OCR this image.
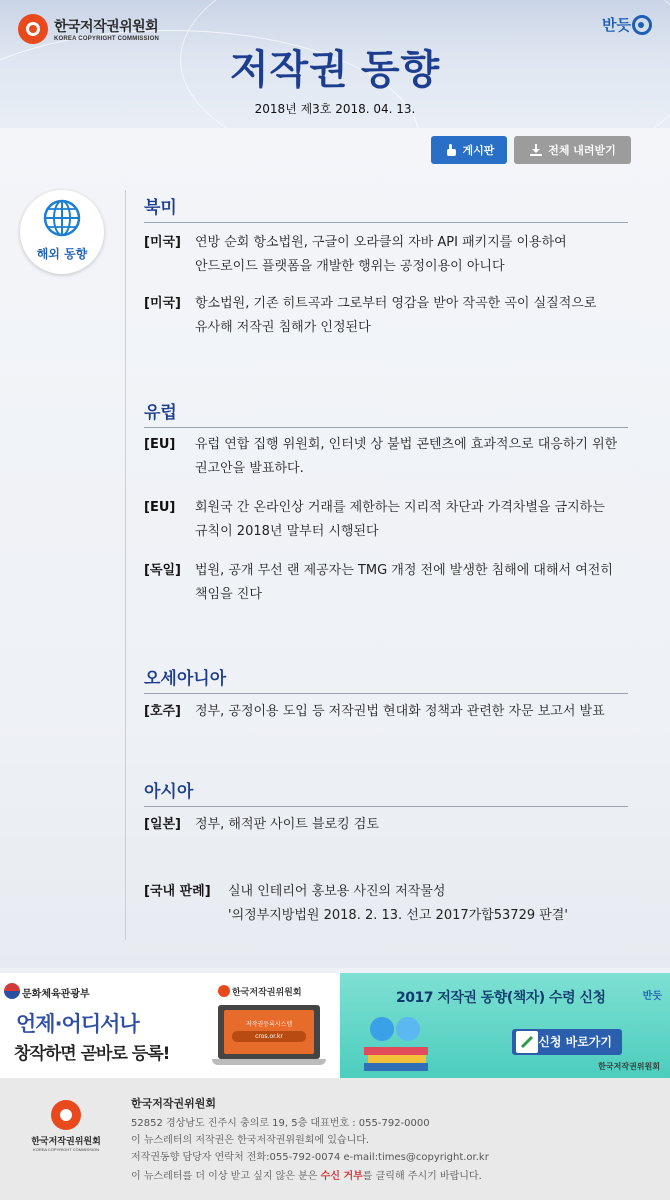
한국저작권위원회
KOREA COPYRIGHT COMMISSION
반듯
저작권 동향
2018년 제3호 2018. 04. 13.
게시판	전체 내려받기
해외 동향
북미
[미국] 연방 순회 항소법원, 구글이 오라클의 자바 API 패키지를 이용하여
안드로이드 플랫폼을 개발한 행위는 공정이용이 아니다
[미국] 항소법원, 기존 히트곡과 그로부터 영감을 받아 작곡한 곡이 실질적으로
유사해 저작권 침해가 인정된다
유럽
[EU] 유럽 연합 집행 위원회, 인터넷 상 불법 콘텐츠에 효과적으로 대응하기 위한
권고안을 발표하다.
[EU] 회원국 간 온라인상 거래를 제한하는 지리적 차단과 가격차별을 금지하는
규칙이 2018년 말부터 시행된다
[독일] 법원, 공개 무선 랜 제공자는 TMG 개정 전에 발생한 침해에 대해서 여전히
책임을 진다
오세아니아
[호주] 정부, 공정이용 도입 등 저작권법 현대화 정책과 관련한 자문 보고서 발표
아시아
[일본] 정부, 해적판 사이트 블로킹 검토
[국내 판례] 실내 인테리어 홍보용 사진의 저작물성
'의정부지방법원 2018. 2. 13. 선고 2017가합53729 판결'
문화체육관광부
언제·어디서나
창작하면 곧바로 등록!
한국저작권위원회
저작권등록시스템
cros.or.kr
2017 저작권 동향(책자) 수령 신청	반듯
신청 바로가기
한국저작권위원회
한국저작권위원회
KOREA COPYRIGHT COMMISSION
한국저작권위원회
52852 경상남도 진주시 충의로 19, 5층 대표번호 : 055-792-0000
이 뉴스레터의 저작권은 한국저작권위원회에 있습니다.
저작권동향 담당자 연락처 전화:055-792-0074 e-mail:times@copyright.or.kr
이 뉴스레터를 더 이상 받고 싶지 않은 분은 수신 거부를 클릭해 주시기 바랍니다.
